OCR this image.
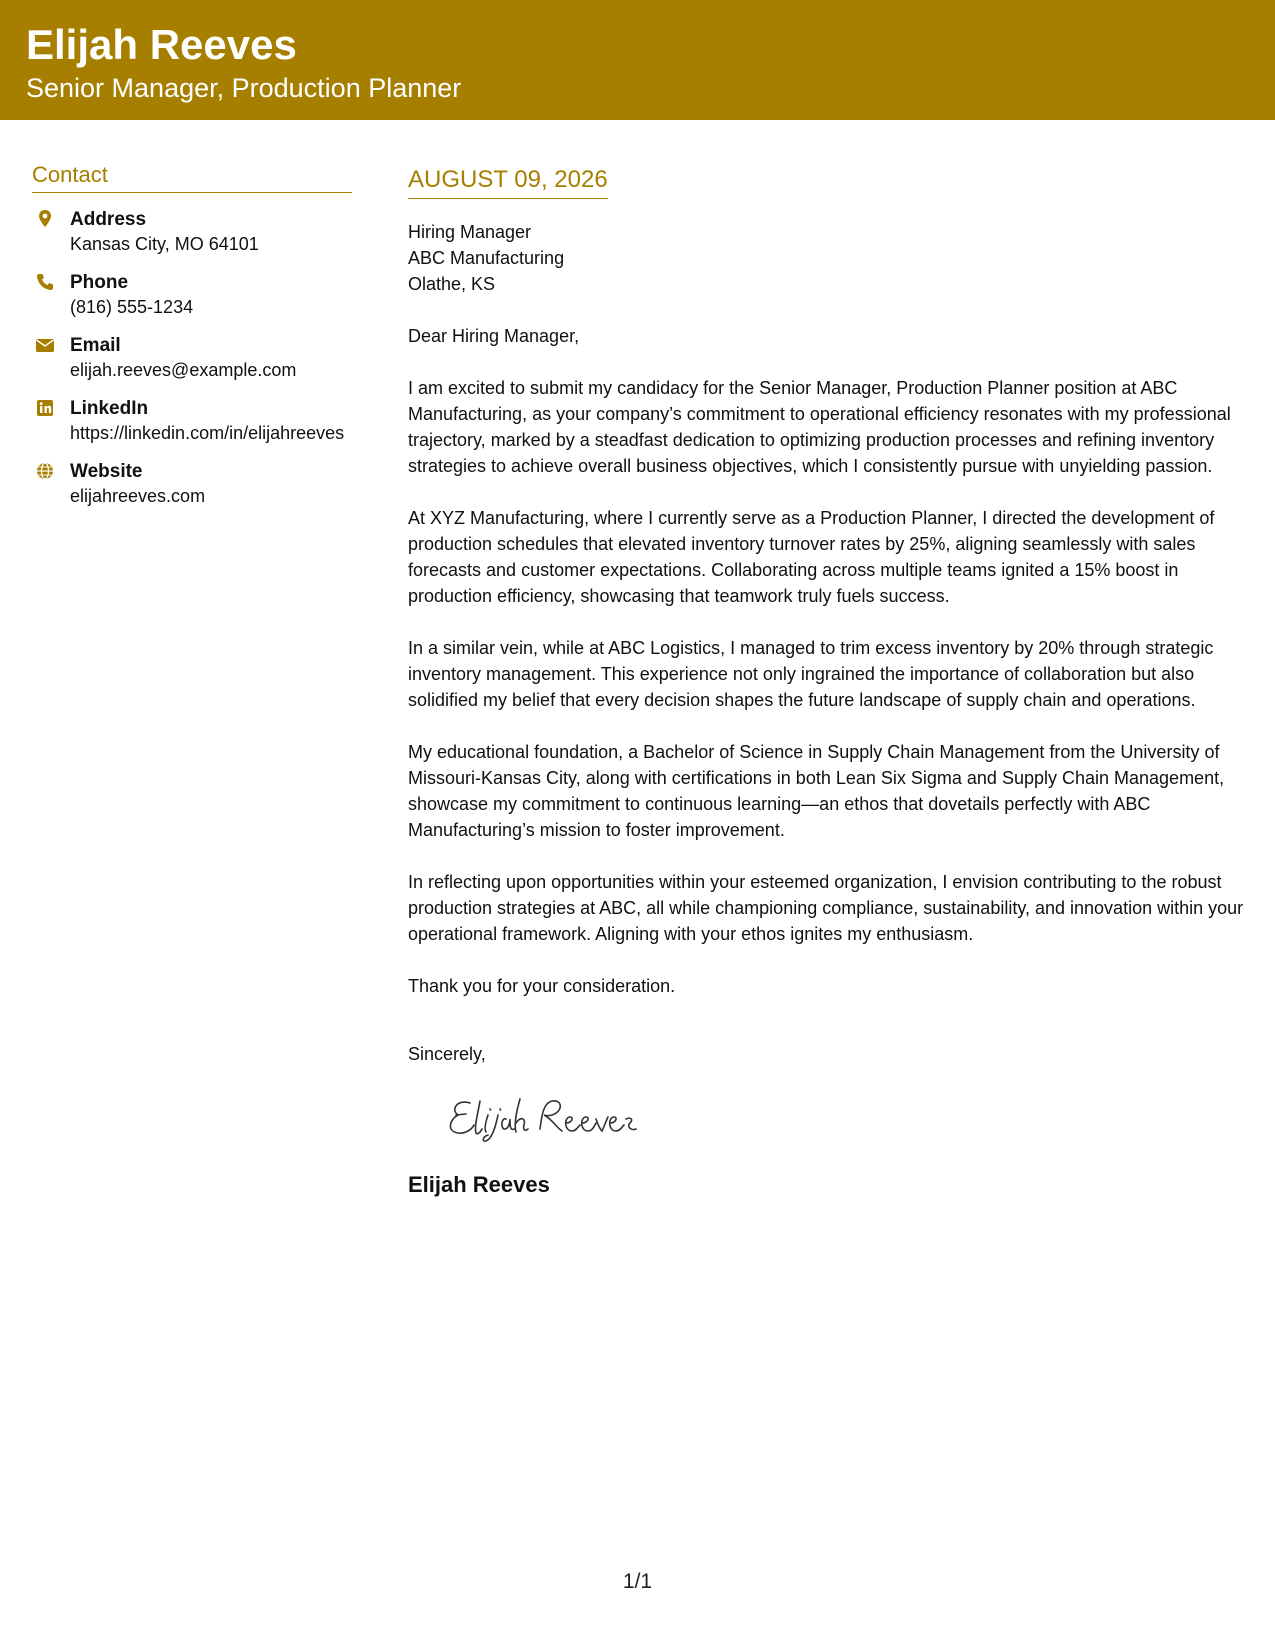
Elijah Reeves
Senior Manager, Production Planner
Contact
Address
Kansas City, MO 64101
Phone
(816) 555-1234
Email
elijah.reeves@example.com
LinkedIn
https://linkedin.com/in/elijahreeves
Website
elijahreeves.com
AUGUST 09, 2026
Hiring Manager
ABC Manufacturing
Olathe, KS

Dear Hiring Manager,

I am excited to submit my candidacy for the Senior Manager, Production Planner position at ABC Manufacturing, as your company’s commitment to operational efficiency resonates with my professional trajectory, marked by a steadfast dedication to optimizing production processes and refining inventory strategies to achieve overall business objectives, which I consistently pursue with unyielding passion.

At XYZ Manufacturing, where I currently serve as a Production Planner, I directed the development of production schedules that elevated inventory turnover rates by 25%, aligning seamlessly with sales forecasts and customer expectations. Collaborating across multiple teams ignited a 15% boost in production efficiency, showcasing that teamwork truly fuels success.

In a similar vein, while at ABC Logistics, I managed to trim excess inventory by 20% through strategic inventory management. This experience not only ingrained the importance of collaboration but also solidified my belief that every decision shapes the future landscape of supply chain and operations.

My educational foundation, a Bachelor of Science in Supply Chain Management from the University of Missouri-Kansas City, along with certifications in both Lean Six Sigma and Supply Chain Management, showcase my commitment to continuous learning—an ethos that dovetails perfectly with ABC Manufacturing’s mission to foster improvement.

In reflecting upon opportunities within your esteemed organization, I envision contributing to the robust production strategies at ABC, all while championing compliance, sustainability, and innovation within your operational framework. Aligning with your ethos ignites my enthusiasm.

Thank you for your consideration.

Sincerely,
Elijah Reeves
1/1
